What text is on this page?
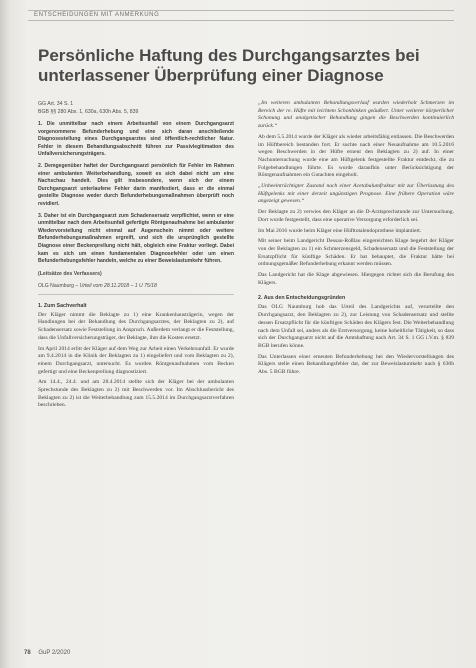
ENTSCHEIDUNGEN MIT ANMERKUNG
Persönliche Haftung des Durchgangsarztes bei unterlassener Überprüfung einer Diagnose
GG Art. 34 S. 1
BGB §§ 280 Abs. 1, 630a, 630h Abs. 5, 839

1. Die unmittelbar nach einem Arbeitsunfall von einem Durchgangsarzt vorgenommene Befunderhebung und eine sich daran anschließende Diagnosestellung eines Durchgangsarztes sind öffentlich-rechtlicher Natur. Fehler in diesem Behandlungsabschnitt führen zur Passivlegitimation des Unfallversicherungsträgers.

2. Demgegenüber haftet der Durchgangsarzt persönlich für Fehler im Rahmen einer ambulanten Weiterbehandlung, soweit es sich dabei nicht um eine Nachschau handelt. Dies gilt insbesondere, wenn sich der einem Durchgangsarzt unterlaufene Fehler darin manifestiert, dass er die einmal gestellte Diagnose weder durch Befunderhebungsmaßnahmen überprüft noch revidiert.

3. Daher ist ein Durchgangsarzt zum Schadensersatz verpflichtet, wenn er eine unmittelbar nach dem Arbeitsunfall gefertigte Röntgenaufnahme bei ambulanter Wiedervorstellung nicht einmal auf Augenschein nimmt oder weitere Befunderhebungsmaßnahmen ergreift, und sich die ursprünglich gestellte Diagnose einer Beckenprellung nicht hält, obgleich eine Fraktur vorliegt. Dabei kam es sich um einen fundamentalen Diagnosefehler oder um einen Befunderhebungsfehler handeln, welche zu einer Beweislastumkehr führen.

(Leitsätze des Verfassers)
OLG Naumburg – Urteil vom 28.11.2018 – 1 U 75/18
1. Zum Sachverhalt

Der Kläger nimmt die Beklagte zu 1) eine Krankenhausträgerin, wegen der Handlungen bei der Behandlung des Durchgangsarztes, der Beklagten zu 2), auf Schadensersatz sowie Feststellung in Anspruch. Außerdem verlangt er die Feststellung, dass die Unfallversicherungsträger, der Beklagte, ihm die Kosten ersetzt.

Im April 2014 erlitt der Kläger auf dem Weg zur Arbeit einen Verkehrsunfall. Er wurde am 9.4.2014 in die Klinik der Beklagten zu 1) eingeliefert und vom Beklagten zu 2), einem Durchgangsarzt, untersucht. Es wurden Röntgenaufnahmen vom Becken gefertigt und eine Beckenprellung diagnostiziert.

Am 14.4., 24.4. und am 28.4.2014 stellte sich der Kläger bei der ambulanten Sprechstunde des Beklagten zu 2) mit Beschwerden vor. Im Abschlussbericht des Beklagten zu 2) ist die Weiterbehandlung zum 15.5.2014 im Durchgangsarztverfahren beschrieben.

„Im weiteren ambulanten Behandlungsverlauf wurden wiederholt Schmerzen im Bereich der re. Hüfte mit leichtem Schonhinken geäußert. Unter weiterer körperlicher Schonung und analgetischer Behandlung gingen die Beschwerden kontinuierlich zurück.“

Ab dem 5.5.2014 wurde der Kläger als wieder arbeitsfähig entlassen. Die Beschwerden im Hüftbereich bestanden fort. Er suchte nach einer Neuaufnahme am 10.5.2016 wegen Beschwerden in der Hüfte erneut den Beklagten zu 2) auf. In einer Nachuntersuchung wurde eine am Hüftgelenk festgestellte Fraktur entdeckt, die zu Folgebehandlungen führte. Es wurde daraufhin unter Berücksichtigung der Röntgenaufnahmen ein Gutachten eingeholt.

„Unbeeinträchtigter Zustand nach einer Acetabulumfraktur mit zur Überlastung des Hüftgelenks mit einer derzeit ungünstigen Prognose. Eine frühere Operation wäre angezeigt gewesen.“

Der Beklagte zu 2) verwies den Kläger an die D-Arztsprechstunde zur Untersuchung. Dort wurde festgestellt, dass eine operative Versorgung erforderlich sei.

Im Mai 2016 wurde beim Kläger eine Hüfttotalendoprothese implantiert.

Mit seiner beim Landgericht Dessau-Roßlau eingereichten Klage begehrt der Kläger von der Beklagten zu 1) ein Schmerzensgeld, Schadensersatz und die Feststellung der Ersatzpflicht für künftige Schäden. Er hat behauptet, die Fraktur hätte bei ordnungsgemäßer Befunderhebung erkannt werden müssen.

Das Landgericht hat die Klage abgewiesen. Hiergegen richtet sich die Berufung des Klägers.

2. Aus den Entscheidungsgründen

Das OLG Naumburg hob das Urteil des Landgerichts auf, verurteilte den Durchgangsarzt, den Beklagten zu 2), zur Leistung von Schadensersatz und stellte dessen Ersatzpflicht für die künftigen Schäden des Klägers fest. Die Weiterbehandlung nach dem Unfall sei, anders als die Erstversorgung, keine hoheitliche Tätigkeit, so dass sich der Durchgangsarzt nicht auf die Amtshaftung nach Art. 34 S. 1 GG i.V.m. § 839 BGB berufen könne.

Das Unterlassen einer erneuten Befunderhebung bei den Wiedervorstellungen des Klägers stelle einen Behandlungsfehler dar, der zur Beweislastumkehr nach § 630h Abs. 5 BGB führe.

78 GuP 2/2020
